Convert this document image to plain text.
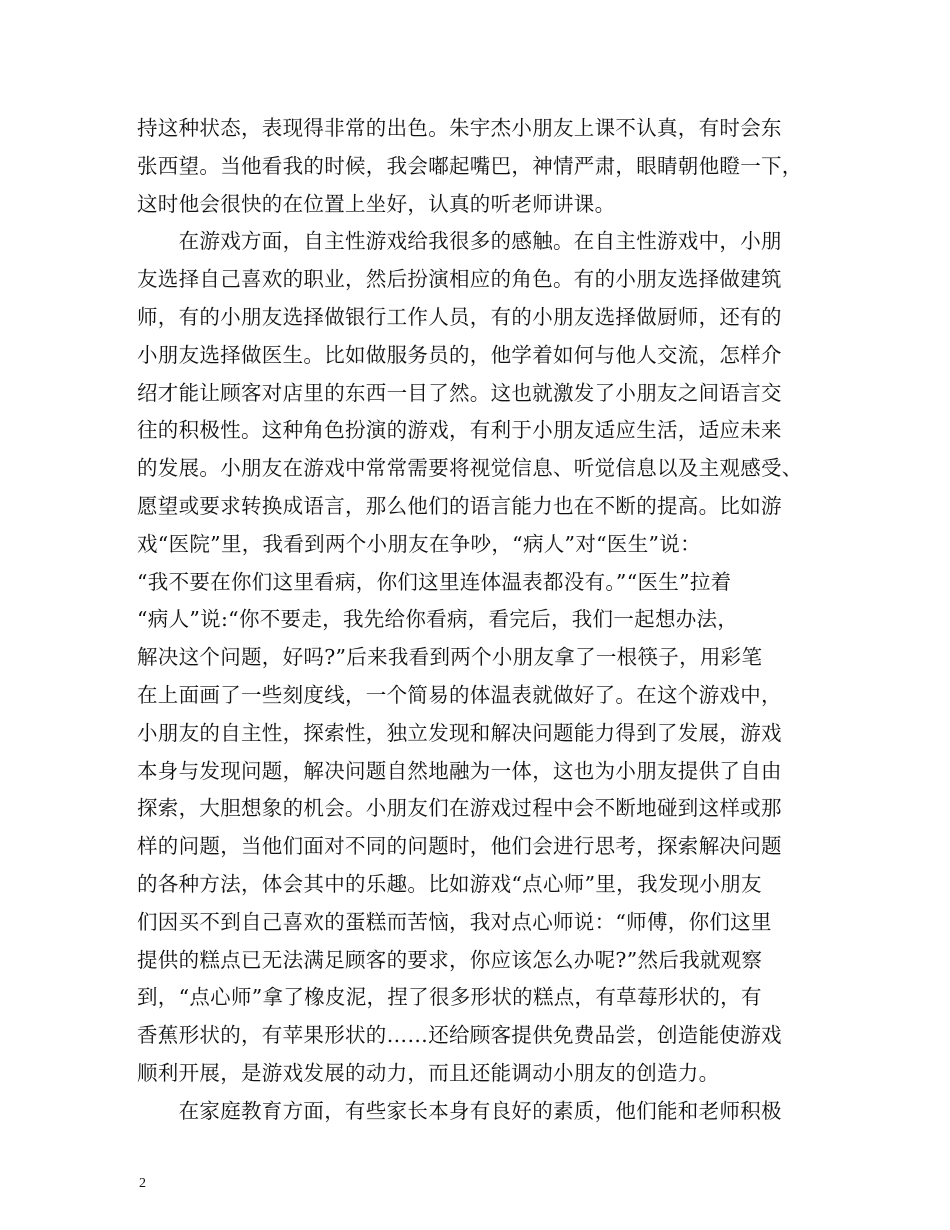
持这种状态，表现得非常的出色。朱宇杰小朋友上课不认真，有时会东
张西望。当他看我的时候，我会嘟起嘴巴，神情严肃，眼睛朝他瞪一下，
这时他会很快的在位置上坐好，认真的听老师讲课。
　　在游戏方面，自主性游戏给我很多的感触。在自主性游戏中，小朋
友选择自己喜欢的职业，然后扮演相应的角色。有的小朋友选择做建筑
师，有的小朋友选择做银行工作人员，有的小朋友选择做厨师，还有的
小朋友选择做医生。比如做服务员的，他学着如何与他人交流，怎样介
绍才能让顾客对店里的东西一目了然。这也就激发了小朋友之间语言交
往的积极性。这种角色扮演的游戏，有利于小朋友适应生活，适应未来
的发展。小朋友在游戏中常常需要将视觉信息、听觉信息以及主观感受、
愿望或要求转换成语言，那么他们的语言能力也在不断的提高。比如游
戏“医院”里，我看到两个小朋友在争吵，“病人”对“医生”说：
“我不要在你们这里看病，你们这里连体温表都没有。”“医生”拉着
“病人”说:“你不要走，我先给你看病，看完后，我们一起想办法，
解决这个问题，好吗?”后来我看到两个小朋友拿了一根筷子，用彩笔
在上面画了一些刻度线，一个简易的体温表就做好了。在这个游戏中，
小朋友的自主性，探索性，独立发现和解决问题能力得到了发展，游戏
本身与发现问题，解决问题自然地融为一体，这也为小朋友提供了自由
探索，大胆想象的机会。小朋友们在游戏过程中会不断地碰到这样或那
样的问题，当他们面对不同的问题时，他们会进行思考，探索解决问题
的各种方法，体会其中的乐趣。比如游戏“点心师”里，我发现小朋友
们因买不到自己喜欢的蛋糕而苦恼，我对点心师说：“师傅，你们这里
提供的糕点已无法满足顾客的要求，你应该怎么办呢?”然后我就观察
到，“点心师”拿了橡皮泥，捏了很多形状的糕点，有草莓形状的，有
香蕉形状的，有苹果形状的……还给顾客提供免费品尝，创造能使游戏
顺利开展，是游戏发展的动力，而且还能调动小朋友的创造力。
　　在家庭教育方面，有些家长本身有良好的素质，他们能和老师积极
2
